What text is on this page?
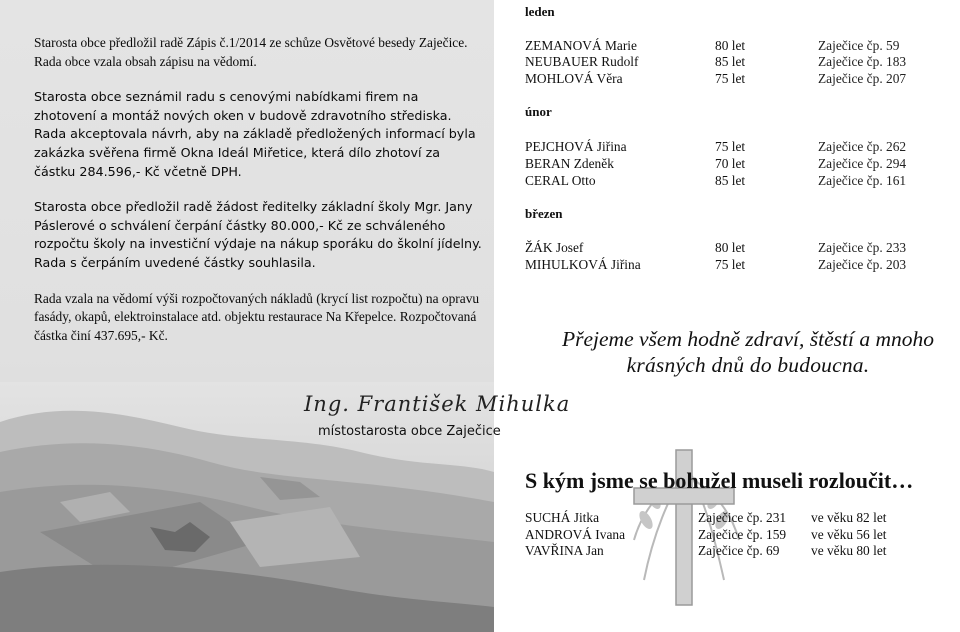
Starosta obce předložil radě Zápis č.1/2014 ze schůze Osvětové besedy Zaječice. Rada obce vzala obsah zápisu na vědomí.

Starosta obce seznámil radu s cenovými nabídkami firem na zhotovení a montáž nových oken v budově zdravotního střediska. Rada akceptovala návrh, aby na základě předložených informací byla zakázka svěřena firmě Okna Ideál Miřetice, která dílo zhotoví za částku 284.596,- Kč včetně DPH.

Starosta obce předložil radě žádost ředitelky základní školy Mgr. Jany Páslerové o schválení čerpání částky 80.000,- Kč ze schváleného rozpočtu školy na investiční výdaje na nákup sporáku do školní jídelny. Rada s čerpáním uvedené částky souhlasila.

Rada vzala na vědomí výši rozpočtovaných nákladů (krycí list rozpočtu) na opravu fasády, okapů, elektroinstalace atd. objektu restaurace Na Křepelce. Rozpočtovaná částka činí 437.695,- Kč.

Ing. František Mihulka
místostarosta obce Zaječice
leden
ZEMANOVÁ Marie	80 let	Zaječice čp. 59
NEUBAUER Rudolf	85 let	Zaječice čp. 183
MOHLOVÁ Věra	75 let	Zaječice čp. 207
únor
PEJCHOVÁ Jiřina	75 let	Zaječice čp. 262
BERAN Zdeněk	70 let	Zaječice čp. 294
CERAL Otto	85 let	Zaječice čp. 161
březen
ŽÁK Josef	80 let	Zaječice čp. 233
MIHULKOVÁ Jiřina	75 let	Zaječice čp. 203
Přejeme všem hodně zdraví, štěstí a mnoho
krásných dnů do budoucna.
S kým jsme se bohužel museli rozloučit…
SUCHÁ Jitka	Zaječice čp. 231 ve věku 82 let
ANDROVÁ Ivana	Zaječice čp. 159 ve věku 56 let
VAVŘINA Jan	Zaječice čp. 69 ve věku 80 let
